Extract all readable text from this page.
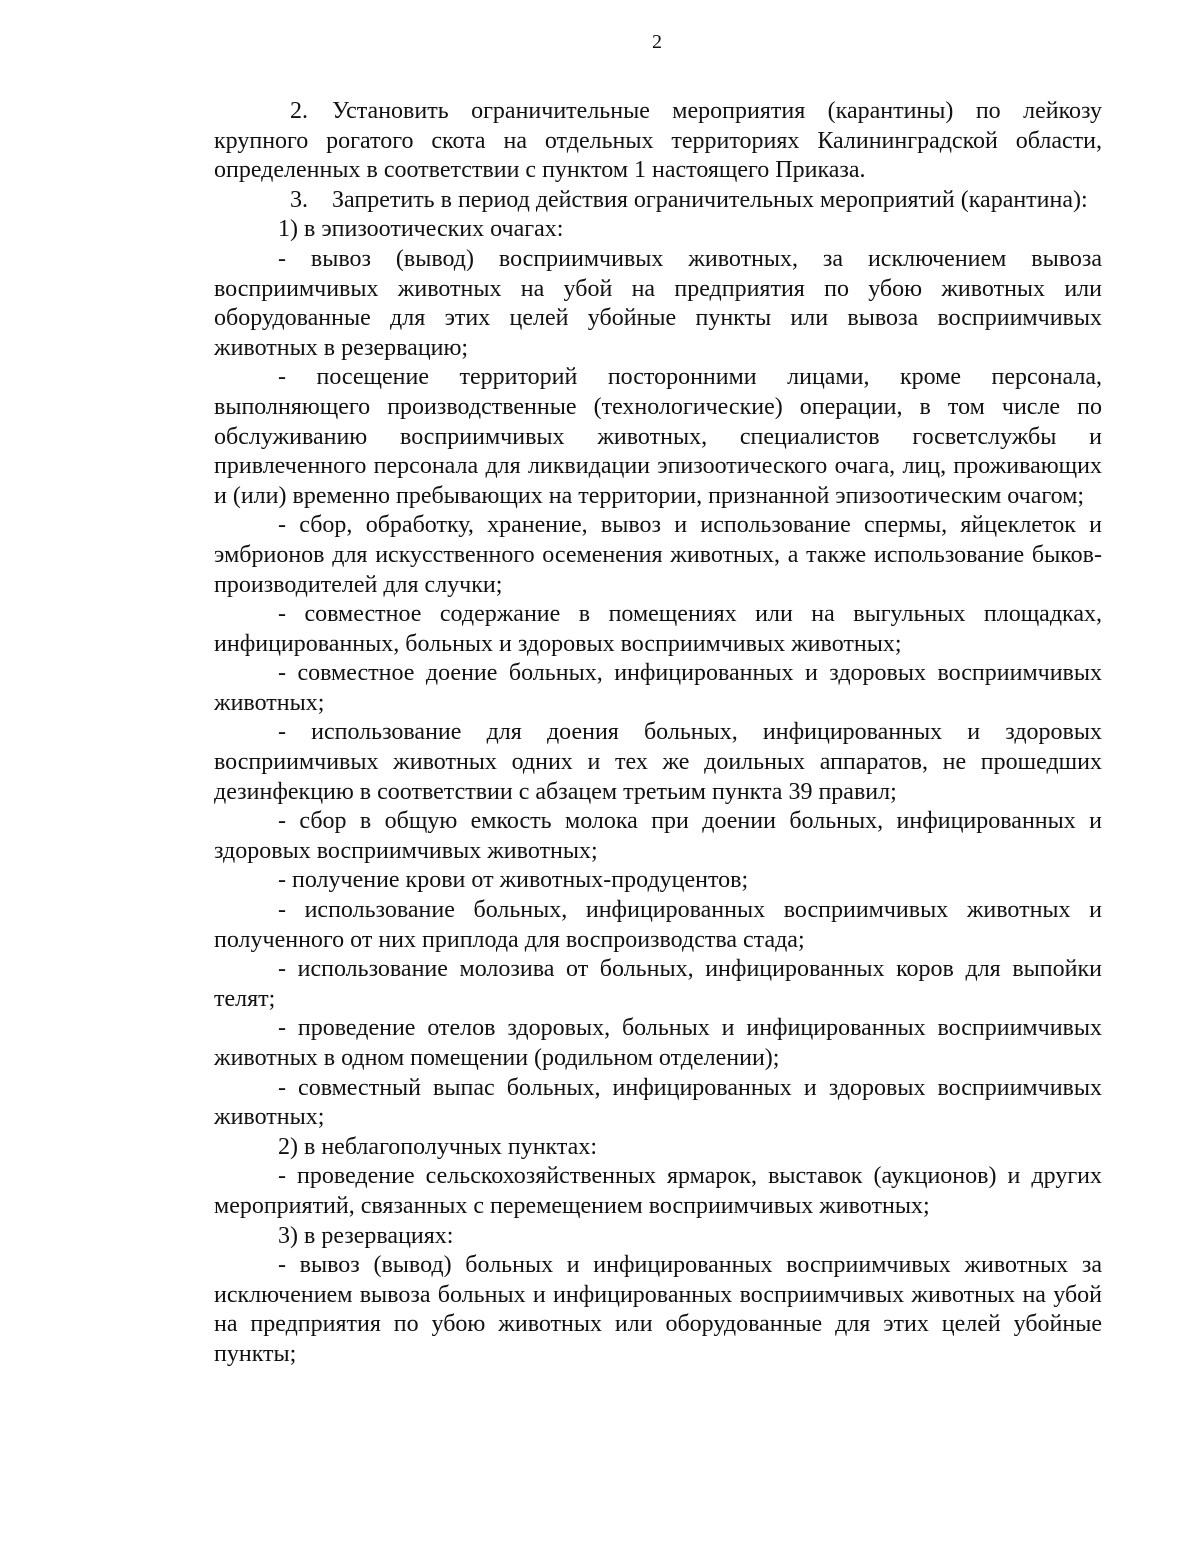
2

2. Установить ограничительные мероприятия (карантины) по лейкозу крупного рогатого скота на отдельных территориях Калининградской области, определенных в соответствии с пунктом 1 настоящего Приказа.

3. Запретить в период действия ограничительных мероприятий (карантина):

1) в эпизоотических очагах:

- вывоз (вывод) восприимчивых животных, за исключением вывоза восприимчивых животных на убой на предприятия по убою животных или оборудованные для этих целей убойные пункты или вывоза восприимчивых животных в резервацию;

- посещение территорий посторонними лицами, кроме персонала, выполняющего производственные (технологические) операции, в том числе по обслуживанию восприимчивых животных, специалистов госветслужбы и привлеченного персонала для ликвидации эпизоотического очага, лиц, проживающих и (или) временно пребывающих на территории, признанной эпизоотическим очагом;

- сбор, обработку, хранение, вывоз и использование спермы, яйцеклеток и эмбрионов для искусственного осеменения животных, а также использование быков-производителей для случки;

- совместное содержание в помещениях или на выгульных площадках, инфицированных, больных и здоровых восприимчивых животных;

- совместное доение больных, инфицированных и здоровых восприимчивых животных;

- использование для доения больных, инфицированных и здоровых восприимчивых животных одних и тех же доильных аппаратов, не прошедших дезинфекцию в соответствии с абзацем третьим пункта 39 правил;

- сбор в общую емкость молока при доении больных, инфицированных и здоровых восприимчивых животных;

- получение крови от животных-продуцентов;

- использование больных, инфицированных восприимчивых животных и полученного от них приплода для воспроизводства стада;

- использование молозива от больных, инфицированных коров для выпойки телят;

- проведение отелов здоровых, больных и инфицированных восприимчивых животных в одном помещении (родильном отделении);

- совместный выпас больных, инфицированных и здоровых восприимчивых животных;

2) в неблагополучных пунктах:

- проведение сельскохозяйственных ярмарок, выставок (аукционов) и других мероприятий, связанных с перемещением восприимчивых животных;

3) в резервациях:

- вывоз (вывод) больных и инфицированных восприимчивых животных за исключением вывоза больных и инфицированных восприимчивых животных на убой на предприятия по убою животных или оборудованные для этих целей убойные пункты;
